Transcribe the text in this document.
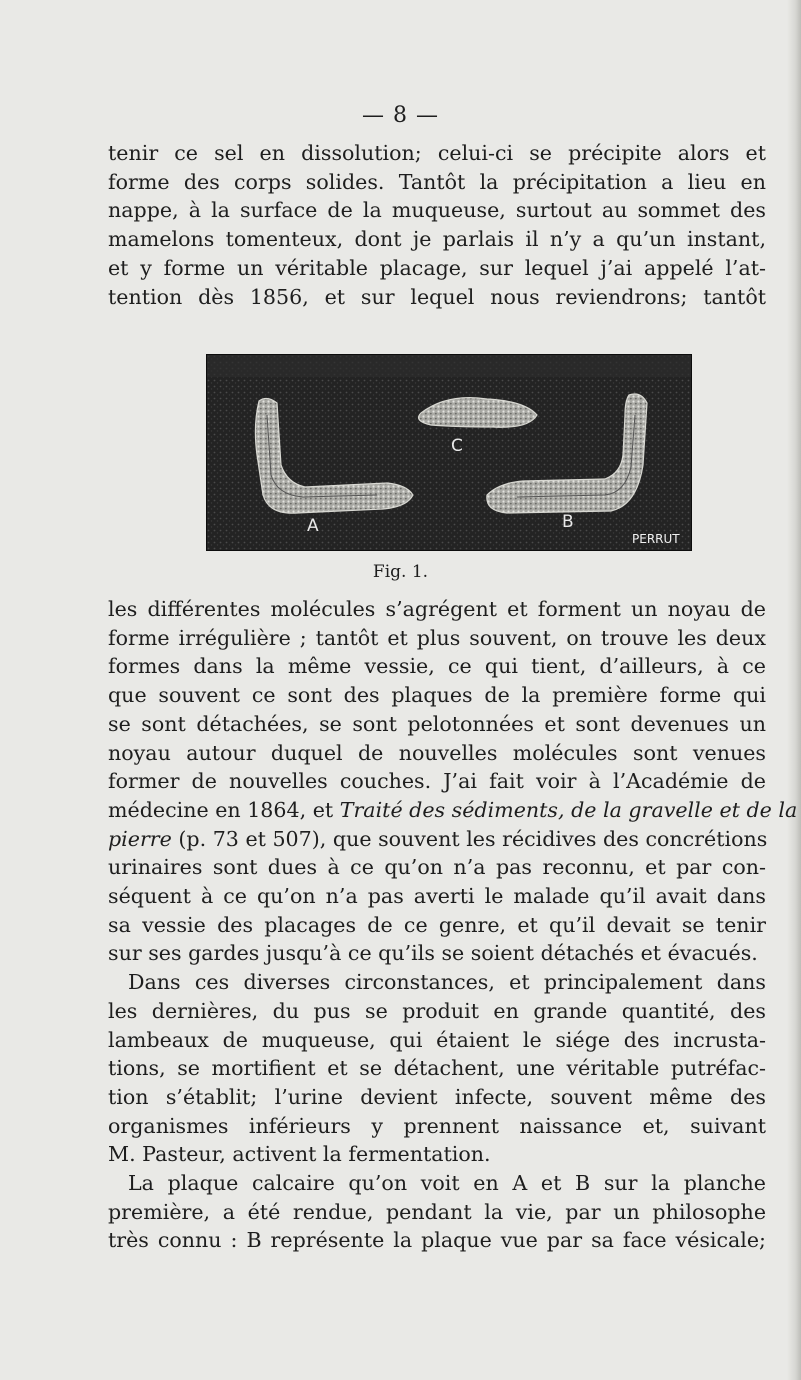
— 8 —
tenir ce sel en dissolution; celui-ci se précipite alors et
forme des corps solides. Tantôt la précipitation a lieu en
nappe, à la surface de la muqueuse, surtout au sommet des
mamelons tomenteux, dont je parlais il n’y a qu’un instant,
et y forme un véritable placage, sur lequel j’ai appelé l’at-
tention dès 1856, et sur lequel nous reviendrons; tantôt
A	B
C
PERRUT
Fig. 1.
les différentes molécules s’agrégent et forment un noyau de
forme irrégulière ; tantôt et plus souvent, on trouve les deux
formes dans la même vessie, ce qui tient, d’ailleurs, à ce
que souvent ce sont des plaques de la première forme qui
se sont détachées, se sont pelotonnées et sont devenues un
noyau autour duquel de nouvelles molécules sont venues
former de nouvelles couches. J’ai fait voir à l’Académie de
médecine en 1864, et Traité des sédiments, de la gravelle et de la
pierre (p. 73 et 507), que souvent les récidives des concrétions
urinaires sont dues à ce qu’on n’a pas reconnu, et par con-
séquent à ce qu’on n’a pas averti le malade qu’il avait dans
sa vessie des placages de ce genre, et qu’il devait se tenir
sur ses gardes jusqu’à ce qu’ils se soient détachés et évacués.
Dans ces diverses circonstances, et principalement dans
les dernières, du pus se produit en grande quantité, des
lambeaux de muqueuse, qui étaient le siége des incrusta-
tions, se mortifient et se détachent, une véritable putréfac-
tion s’établit; l’urine devient infecte, souvent même des
organismes inférieurs y prennent naissance et, suivant
M. Pasteur, activent la fermentation.
La plaque calcaire qu’on voit en A et B sur la planche
première, a été rendue, pendant la vie, par un philosophe
très connu : B représente la plaque vue par sa face vésicale;
